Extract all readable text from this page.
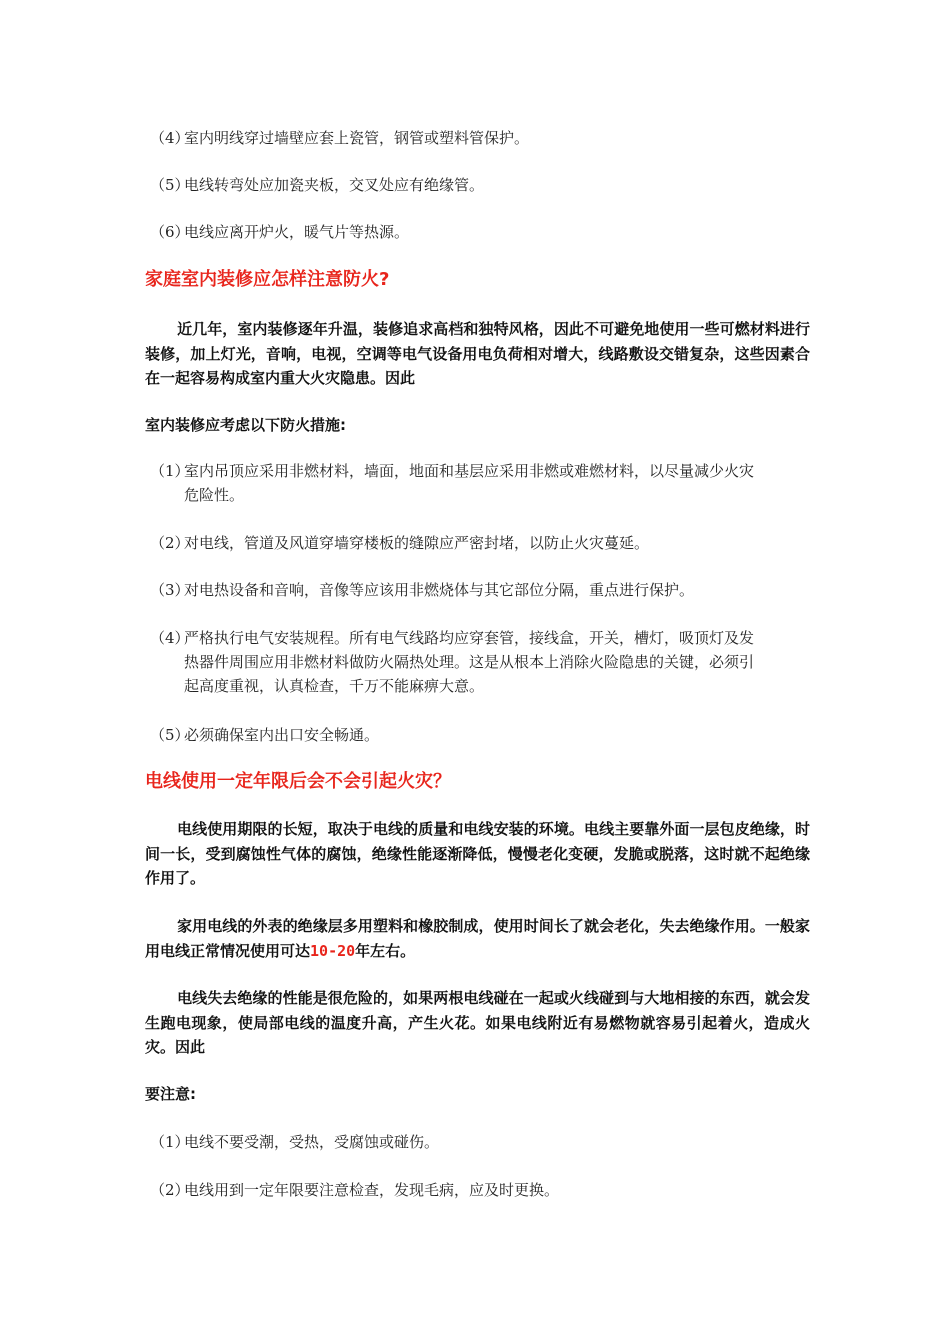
（4）
室内明线穿过墙壁应套上瓷管，钢管或塑料管保护。
（5）
电线转弯处应加瓷夹板，交叉处应有绝缘管。
（6）
电线应离开炉火，暖气片等热源。
家庭室内装修应怎样注意防火?
近几年，室内装修逐年升温，装修追求高档和独特风格，因此不可避免地使用一些可燃材料进行装修，加上灯光，音响，电视，空调等电气设备用电负荷相对增大，线路敷设交错复杂，这些因素合在一起容易构成室内重大火灾隐患。因此
室内装修应考虑以下防火措施:
（1）
室内吊顶应采用非燃材料，墙面，地面和基层应采用非燃或难燃材料，以尽量减少火灾危险性。
（2）
对电线，管道及风道穿墙穿楼板的缝隙应严密封堵，以防止火灾蔓延。
（3）
对电热设备和音响，音像等应该用非燃烧体与其它部位分隔，重点进行保护。
（4）
严格执行电气安装规程。所有电气线路均应穿套管，接线盒，开关，槽灯，吸顶灯及发热器件周围应用非燃材料做防火隔热处理。这是从根本上消除火险隐患的关键，必须引起高度重视，认真检查，千万不能麻痹大意。
（5）
必须确保室内出口安全畅通。
电线使用一定年限后会不会引起火灾？
电线使用期限的长短，取决于电线的质量和电线安装的环境。电线主要靠外面一层包皮绝缘，时间一长，受到腐蚀性气体的腐蚀，绝缘性能逐渐降低，慢慢老化变硬，发脆或脱落，这时就不起绝缘作用了。
家用电线的外表的绝缘层多用塑料和橡胶制成，使用时间长了就会老化，失去绝缘作用。一般家用电线正常情况使用可达10-20年左右。
电线失去绝缘的性能是很危险的，如果两根电线碰在一起或火线碰到与大地相接的东西，就会发生跑电现象，使局部电线的温度升高，产生火花。如果电线附近有易燃物就容易引起着火，造成火灾。因此
要注意:
（1）
电线不要受潮，受热，受腐蚀或碰伤。
（2）
电线用到一定年限要注意检查，发现毛病，应及时更换。
